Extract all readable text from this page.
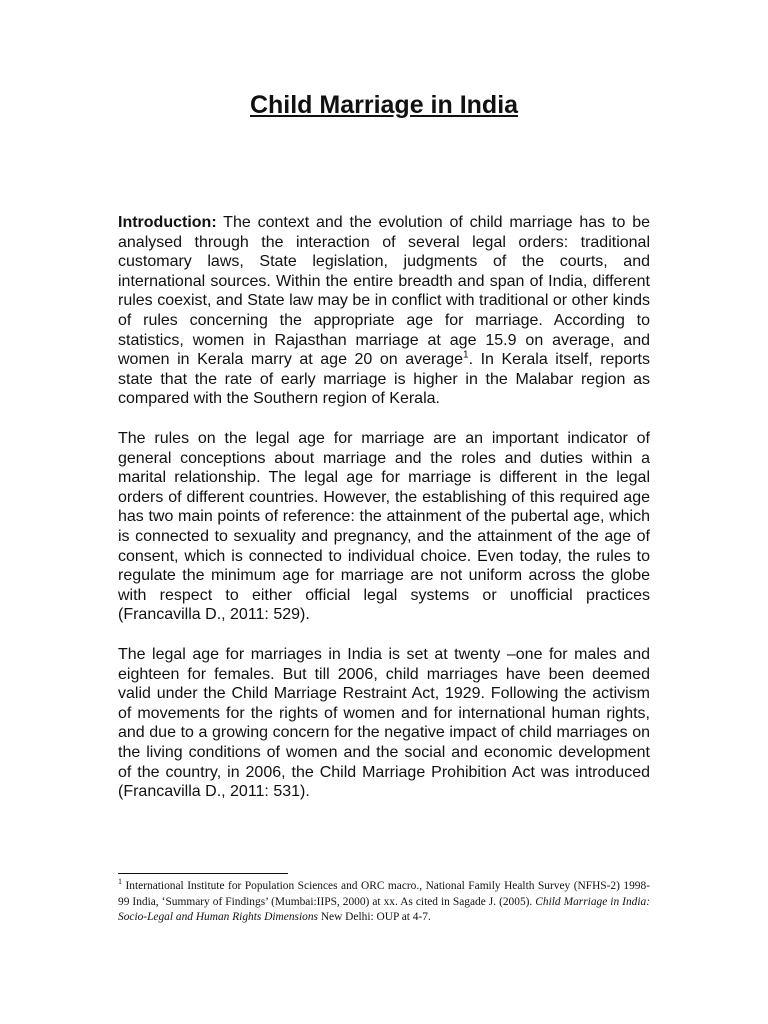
Child Marriage in India

Introduction: The context and the evolution of child marriage has to be analysed through the interaction of several legal orders: traditional customary laws, State legislation, judgments of the courts, and international sources. Within the entire breadth and span of India, different rules coexist, and State law may be in conflict with traditional or other kinds of rules concerning the appropriate age for marriage. According to statistics, women in Rajasthan marriage at age 15.9 on average, and women in Kerala marry at age 20 on average$^1$. In Kerala itself, reports state that the rate of early marriage is higher in the Malabar region as compared with the Southern region of Kerala.

The rules on the legal age for marriage are an important indicator of general conceptions about marriage and the roles and duties within a marital relationship. The legal age for marriage is different in the legal orders of different countries. However, the establishing of this required age has two main points of reference: the attainment of the pubertal age, which is connected to sexuality and pregnancy, and the attainment of the age of consent, which is connected to individual choice. Even today, the rules to regulate the minimum age for marriage are not uniform across the globe with respect to either official legal systems or unofficial practices (Francavilla D., 2011: 529).

The legal age for marriages in India is set at twenty –one for males and eighteen for females. But till 2006, child marriages have been deemed valid under the Child Marriage Restraint Act, 1929. Following the activism of movements for the rights of women and for international human rights, and due to a growing concern for the negative impact of child marriages on the living conditions of women and the social and economic development of the country, in 2006, the Child Marriage Prohibition Act was introduced (Francavilla D., 2011: 531).

$^1$ International Institute for Population Sciences and ORC macro., National Family Health Survey (NFHS-2) 1998-99 India, ‘Summary of Findings’ (Mumbai:IIPS, 2000) at xx. As cited in Sagade J. (2005). Child Marriage in India: Socio-Legal and Human Rights Dimensions New Delhi: OUP at 4-7.
